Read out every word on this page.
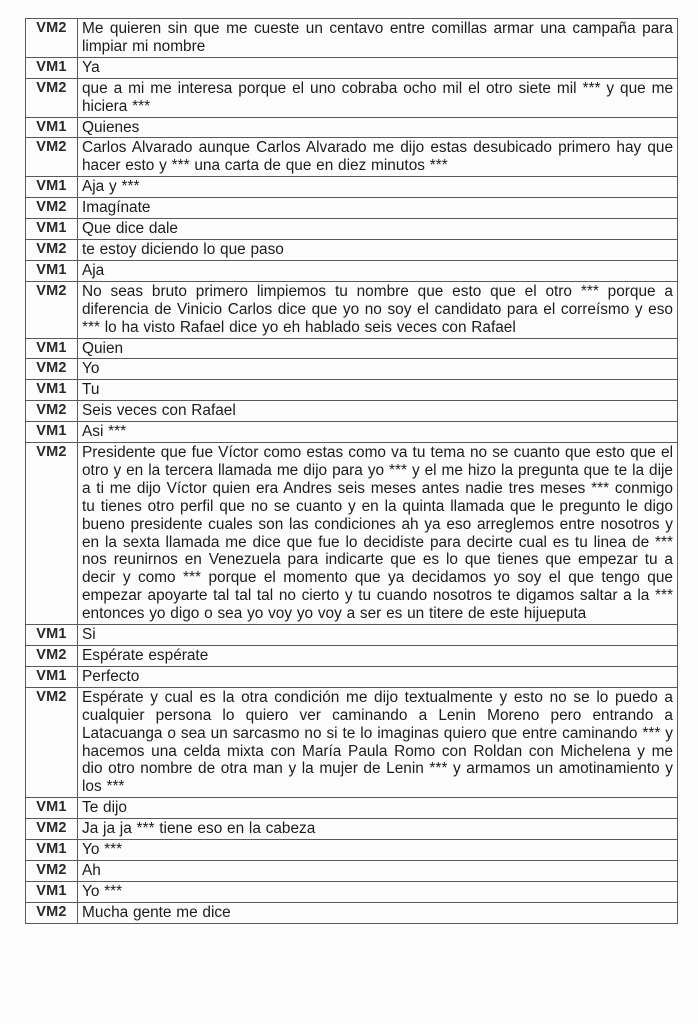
VM2	Me quieren sin que me cueste un centavo entre comillas armar una campaña para limpiar mi nombre
VM1	Ya
VM2	que a mi me interesa porque el uno cobraba ocho mil el otro siete mil *** y que me hiciera ***
VM1	Quienes
VM2	Carlos Alvarado aunque Carlos Alvarado me dijo estas desubicado primero hay que hacer esto y *** una carta de que en diez minutos ***
VM1	Aja y ***
VM2	Imagínate
VM1	Que dice dale
VM2	te estoy diciendo lo que paso
VM1	Aja
VM2	No seas bruto primero limpiemos tu nombre que esto que el otro *** porque a diferencia de Vinicio Carlos dice que yo no soy el candidato para el correísmo y eso *** lo ha visto Rafael dice yo eh hablado seis veces con Rafael
VM1	Quien
VM2	Yo
VM1	Tu
VM2	Seis veces con Rafael
VM1	Asi ***
VM2	Presidente que fue Víctor como estas como va tu tema no se cuanto que esto que el otro y en la tercera llamada me dijo para yo *** y el me hizo la pregunta que te la dije a ti me dijo Víctor quien era Andres seis meses antes nadie tres meses *** conmigo tu tienes otro perfil que no se cuanto y en la quinta llamada que le pregunto le digo bueno presidente cuales son las condiciones ah ya eso arreglemos entre nosotros y en la sexta llamada me dice que fue lo decidiste para decirte cual es tu linea de *** nos reunirnos en Venezuela para indicarte que es lo que tienes que empezar tu a decir y como *** porque el momento que ya decidamos yo soy el que tengo que empezar apoyarte tal tal tal no cierto y tu cuando nosotros te digamos saltar a la *** entonces yo digo o sea yo voy yo voy a ser es un titere de este hijueputa
VM1	Si
VM2	Espérate espérate
VM1	Perfecto
VM2	Espérate y cual es la otra condición me dijo textualmente y esto no se lo puedo a cualquier persona lo quiero ver caminando a Lenin Moreno pero entrando a Latacuanga o sea un sarcasmo no si te lo imaginas quiero que entre caminando *** y hacemos una celda mixta con María Paula Romo con Roldan con Michelena y me dio otro nombre de otra man y la mujer de Lenin *** y armamos un amotinamiento y los ***
VM1	Te dijo
VM2	Ja ja ja *** tiene eso en la cabeza
VM1	Yo ***
VM2	Ah
VM1	Yo ***
VM2	Mucha gente me dice
